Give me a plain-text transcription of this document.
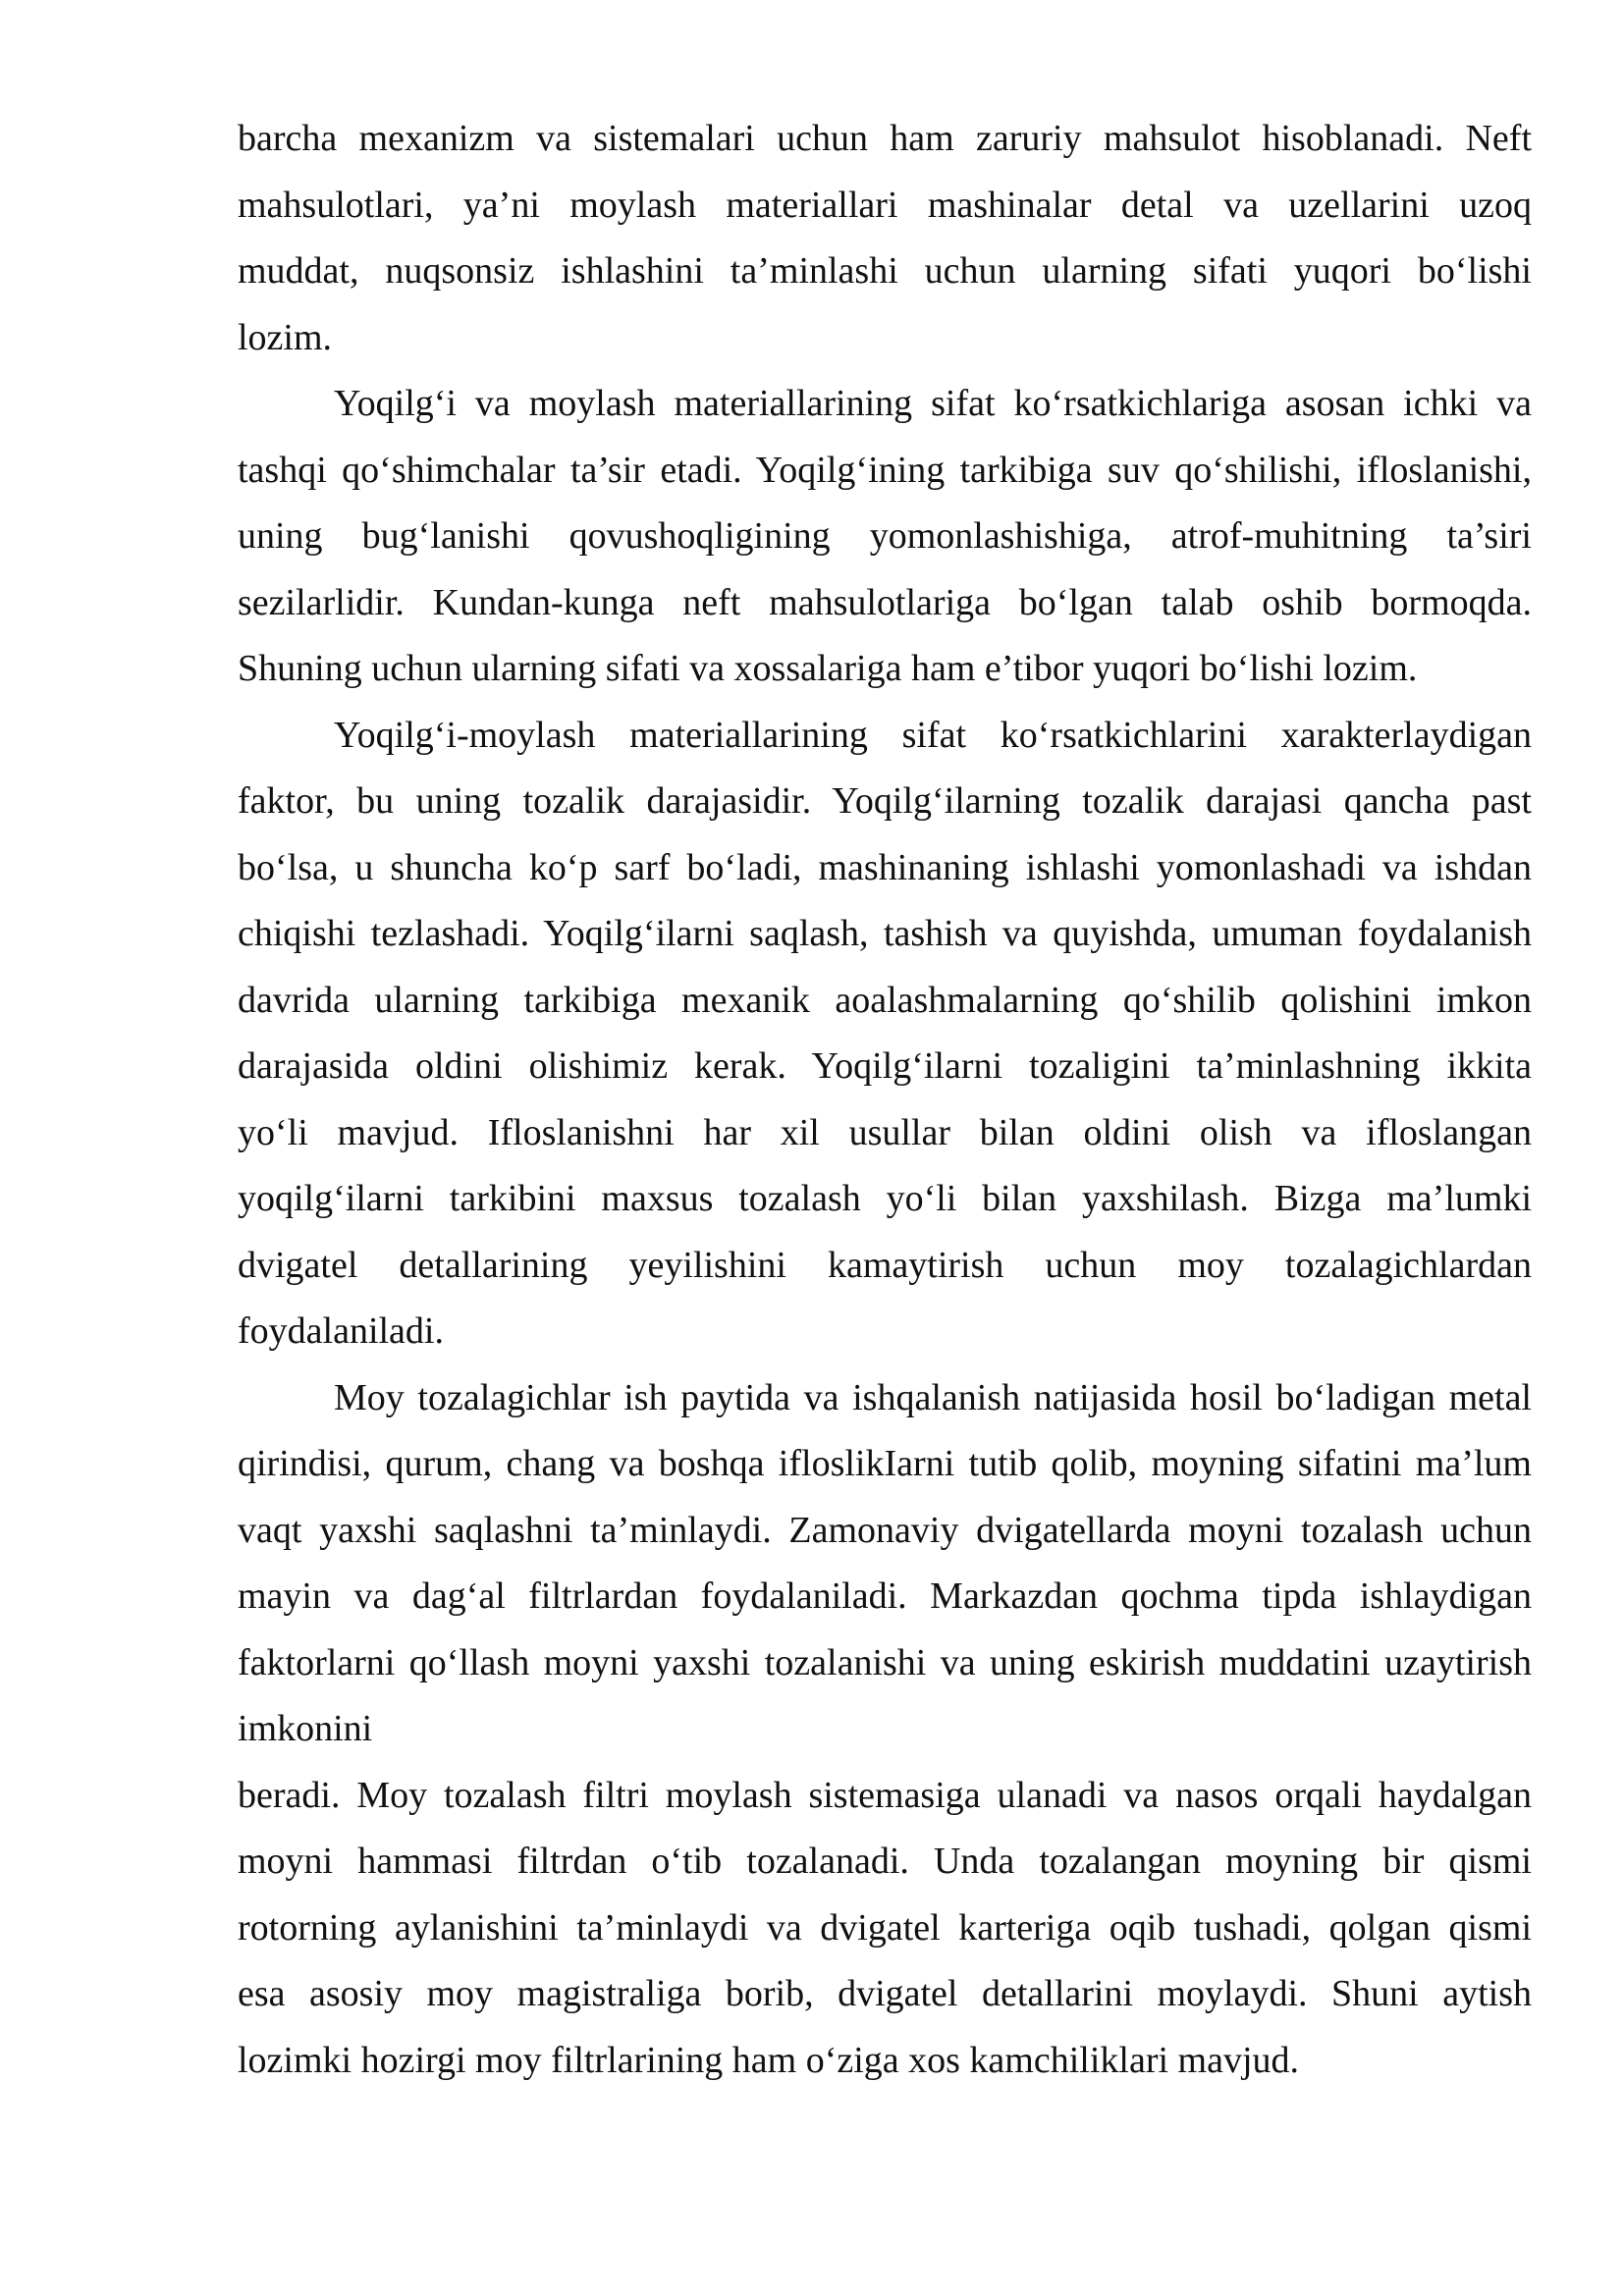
barcha mexanizm va sistemalari uchun ham zaruriy mahsulot hisoblanadi. Neft
mahsulotlari, ya’ni moylash materiallari mashinalar detal va uzellarini uzoq
muddat, nuqsonsiz ishlashini ta’minlashi uchun ularning sifati yuqori bo‘lishi
lozim.

Yoqilg‘i va moylash materiallarining sifat ko‘rsatkichlariga asosan ichki va
tashqi qo‘shimchalar ta’sir etadi. Yoqilg‘ining tarkibiga suv qo‘shilishi, ifloslanishi,
uning bug‘lanishi qovushoqligining yomonlashishiga, atrof-muhitning ta’siri
sezilarlidir. Kundan-kunga neft mahsulotlariga bo‘lgan talab oshib bormoqda.
Shuning uchun ularning sifati va xossalariga ham e’tibor yuqori bo‘lishi lozim.

Yoqilg‘i-moylash materiallarining sifat ko‘rsatkichlarini xarakterlaydigan
faktor, bu uning tozalik darajasidir. Yoqilg‘ilarning tozalik darajasi qancha past
bo‘lsa, u shuncha ko‘p sarf bo‘ladi, mashinaning ishlashi yomonlashadi va ishdan
chiqishi tezlashadi. Yoqilg‘ilarni saqlash, tashish va quyishda, umuman foydalanish
davrida ularning tarkibiga mexanik aoalashmalarning qo‘shilib qolishini imkon
darajasida oldini olishimiz kerak. Yoqilg‘ilarni tozaligini ta’minlashning ikkita
yo‘li mavjud. Ifloslanishni har xil usullar bilan oldini olish va ifloslangan
yoqilg‘ilarni tarkibini maxsus tozalash yo‘li bilan yaxshilash. Bizga ma’lumki
dvigatel detallarining yeyilishini kamaytirish uchun moy tozalagichlardan
foydalaniladi.

Moy tozalagichlar ish paytida va ishqalanish natijasida hosil bo‘ladigan metal
qirindisi, qurum, chang va boshqa ifloslikIarni tutib qolib, moyning sifatini ma’lum
vaqt yaxshi saqlashni ta’minlaydi. Zamonaviy dvigatellarda moyni tozalash uchun
mayin va dag‘al filtrlardan foydalaniladi. Markazdan qochma tipda ishlaydigan
faktorlarni qo‘llash moyni yaxshi tozalanishi va uning eskirish muddatini uzaytirish
imkonini

beradi. Moy tozalash filtri moylash sistemasiga ulanadi va nasos orqali haydalgan
moyni hammasi filtrdan o‘tib tozalanadi. Unda tozalangan moyning bir qismi
rotorning aylanishini ta’minlaydi va dvigatel karteriga oqib tushadi, qolgan qismi
esa asosiy moy magistraliga borib, dvigatel detallarini moylaydi. Shuni aytish
lozimki hozirgi moy filtrlarining ham o‘ziga xos kamchiliklari mavjud.
